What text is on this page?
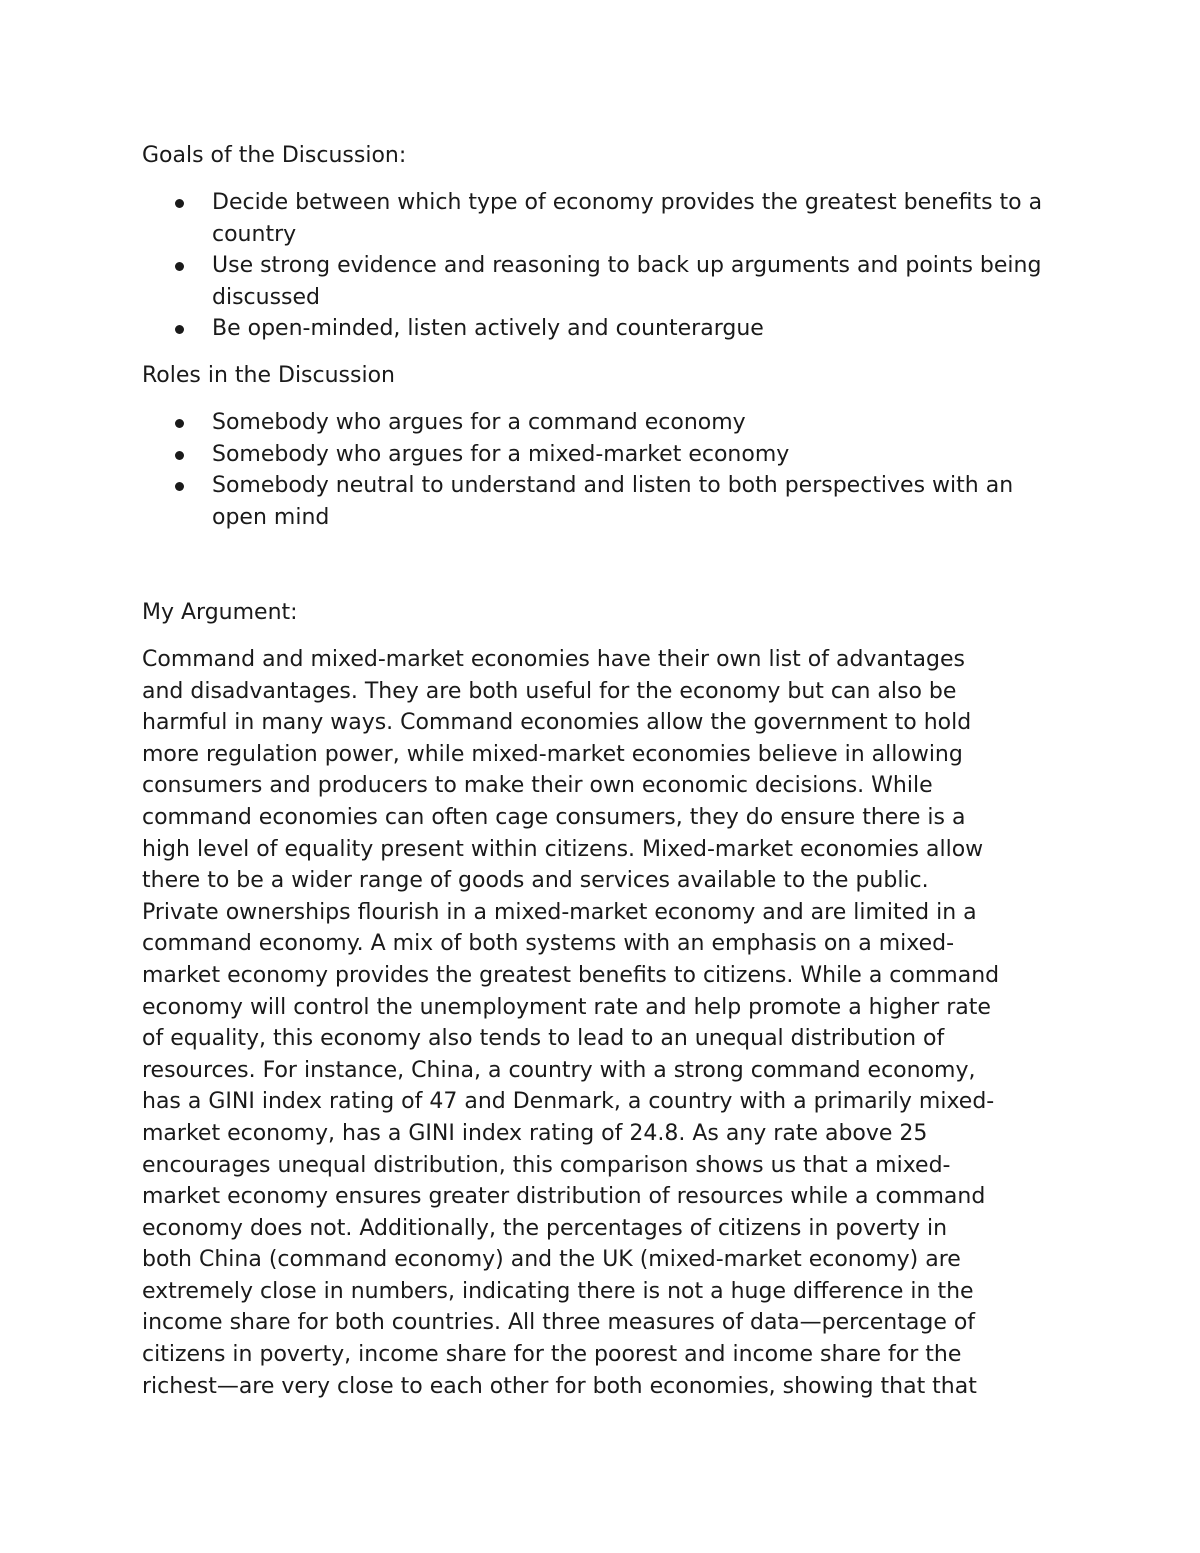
Goals of the Discussion:

Decide between which type of economy provides the greatest benefits to a country
Use strong evidence and reasoning to back up arguments and points being discussed
Be open-minded, listen actively and counterargue

Roles in the Discussion

Somebody who argues for a command economy
Somebody who argues for a mixed-market economy
Somebody neutral to understand and listen to both perspectives with an open mind

My Argument:

Command and mixed-market economies have their own list of advantages
and disadvantages. They are both useful for the economy but can also be
harmful in many ways. Command economies allow the government to hold
more regulation power, while mixed-market economies believe in allowing
consumers and producers to make their own economic decisions. While
command economies can often cage consumers, they do ensure there is a
high level of equality present within citizens. Mixed-market economies allow
there to be a wider range of goods and services available to the public.
Private ownerships flourish in a mixed-market economy and are limited in a
command economy. A mix of both systems with an emphasis on a mixed-
market economy provides the greatest benefits to citizens. While a command
economy will control the unemployment rate and help promote a higher rate
of equality, this economy also tends to lead to an unequal distribution of
resources. For instance, China, a country with a strong command economy,
has a GINI index rating of 47 and Denmark, a country with a primarily mixed-
market economy, has a GINI index rating of 24.8. As any rate above 25
encourages unequal distribution, this comparison shows us that a mixed-
market economy ensures greater distribution of resources while a command
economy does not. Additionally, the percentages of citizens in poverty in
both China (command economy) and the UK (mixed-market economy) are
extremely close in numbers, indicating there is not a huge difference in the
income share for both countries. All three measures of data—percentage of
citizens in poverty, income share for the poorest and income share for the
richest—are very close to each other for both economies, showing that that
